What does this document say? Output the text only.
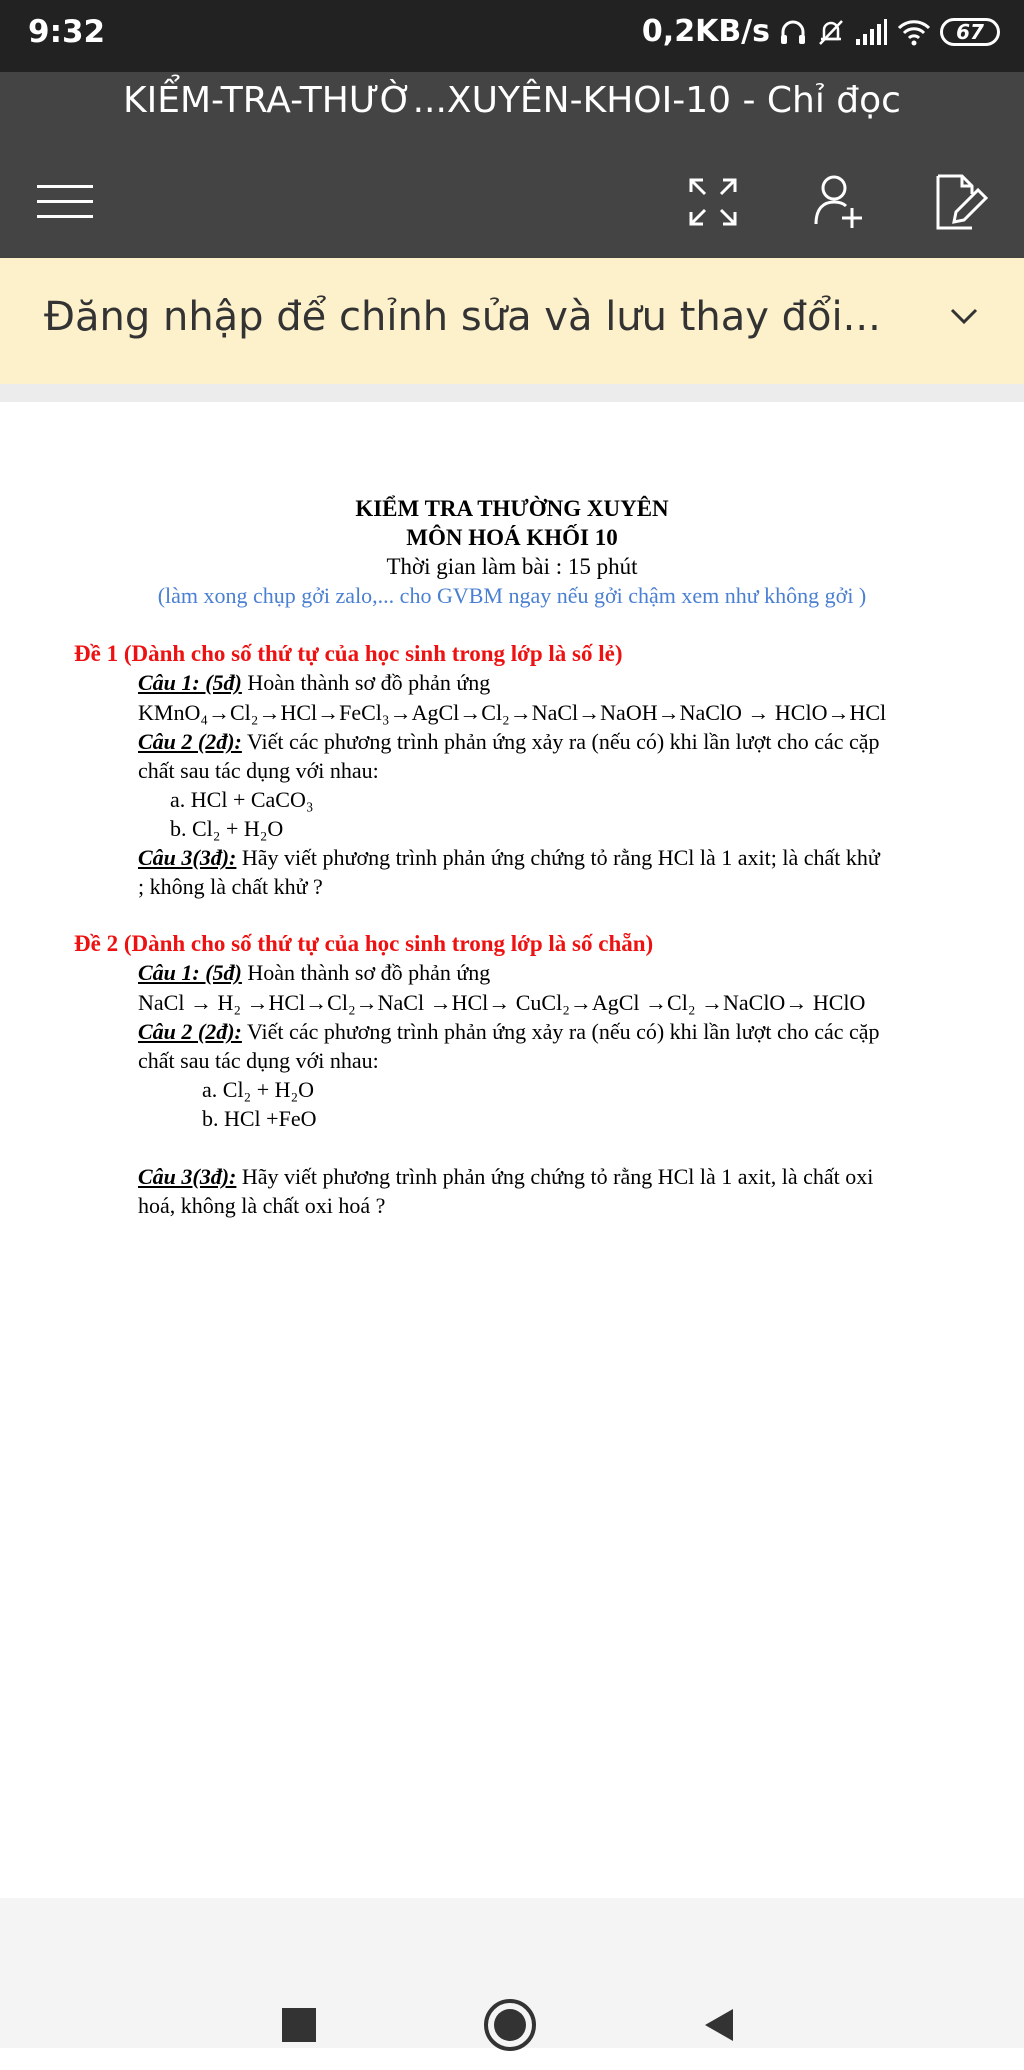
9:32	0,2KB/s	67
KIỂM-TRA-THƯỜ...XUYÊN-KHOI-10 - Chỉ đọc
Đăng nhập để chỉnh sửa và lưu thay đổi...
KIỂM TRA THƯỜNG XUYÊN
MÔN HOÁ KHỐI 10
Thời gian làm bài : 15 phút
(làm xong chụp gởi zalo,... cho GVBM ngay nếu gởi chậm xem như không gởi )
Đề 1 (Dành cho số thứ tự của học sinh trong lớp là số lẻ)
Câu 1: (5đ) Hoàn thành sơ đồ phản ứng
KMnO₄→Cl₂→HCl→FeCl₃→AgCl→Cl₂→NaCl→NaOH→NaClO → HClO→HCl
Câu 2 (2đ): Viết các phương trình phản ứng xảy ra (nếu có) khi lần lượt cho các cặp
chất sau tác dụng với nhau:
a. HCl + CaCO₃
b. Cl₂ + H₂O
Câu 3(3đ): Hãy viết phương trình phản ứng chứng tỏ rằng HCl là 1 axit; là chất khử
; không là chất khử ?
Đề 2 (Dành cho số thứ tự của học sinh trong lớp là số chẵn)
Câu 1: (5đ) Hoàn thành sơ đồ phản ứng
NaCl → H₂ →HCl→Cl₂→NaCl →HCl→ CuCl₂→AgCl →Cl₂ →NaClO→ HClO
Câu 2 (2đ): Viết các phương trình phản ứng xảy ra (nếu có) khi lần lượt cho các cặp
chất sau tác dụng với nhau:
a. Cl₂ + H₂O
b. HCl +FeO
Câu 3(3đ): Hãy viết phương trình phản ứng chứng tỏ rằng HCl là 1 axit, là chất oxi
hoá, không là chất oxi hoá ?
